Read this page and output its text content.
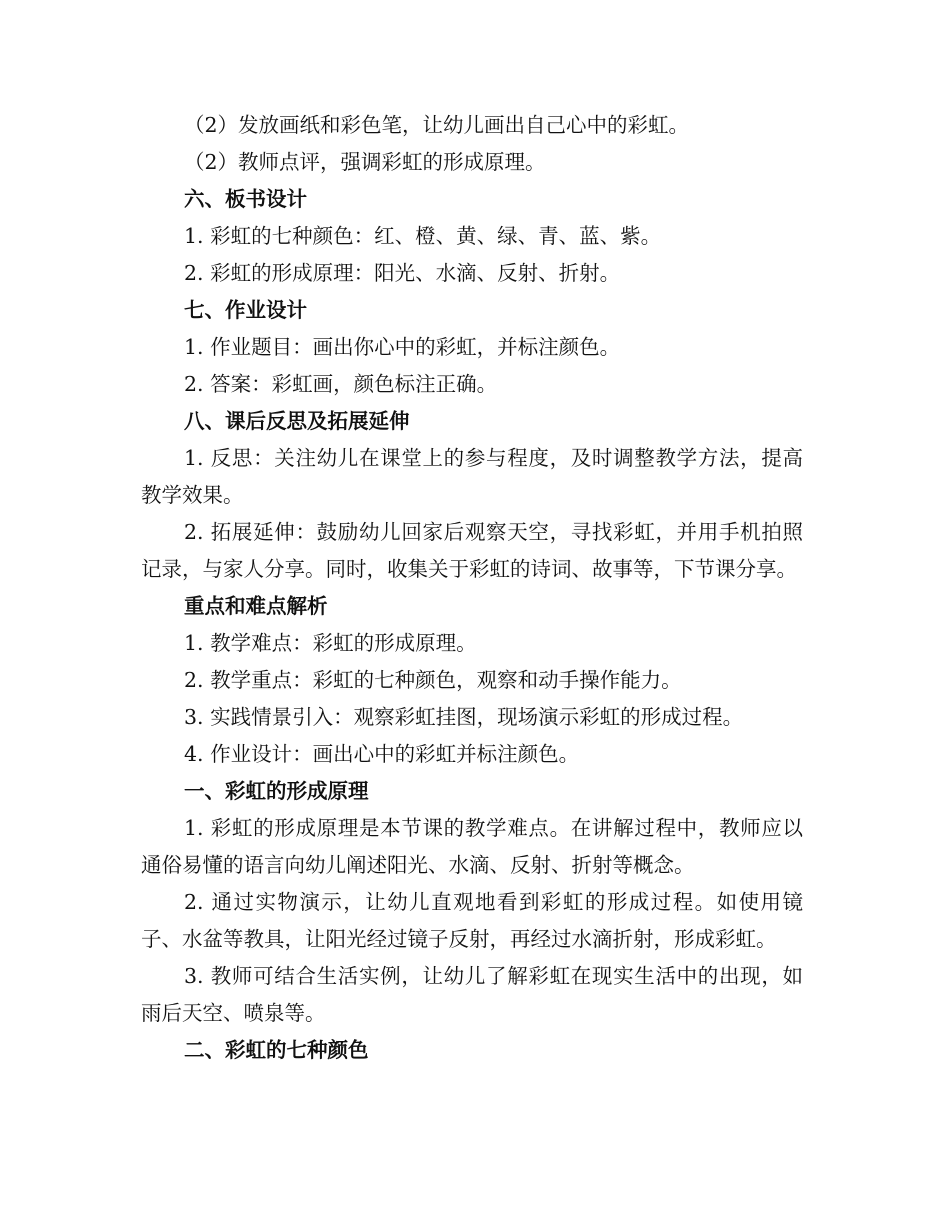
（2）发放画纸和彩色笔，让幼儿画出自己心中的彩虹。
（2）教师点评，强调彩虹的形成原理。
六、板书设计
1. 彩虹的七种颜色：红、橙、黄、绿、青、蓝、紫。
2. 彩虹的形成原理：阳光、水滴、反射、折射。
七、作业设计
1. 作业题目：画出你心中的彩虹，并标注颜色。
2. 答案：彩虹画，颜色标注正确。
八、课后反思及拓展延伸
1. 反思：关注幼儿在课堂上的参与程度，及时调整教学方法，提高教学效果。
2. 拓展延伸：鼓励幼儿回家后观察天空，寻找彩虹，并用手机拍照记录，与家人分享。同时，收集关于彩虹的诗词、故事等，下节课分享。
重点和难点解析
1. 教学难点：彩虹的形成原理。
2. 教学重点：彩虹的七种颜色，观察和动手操作能力。
3. 实践情景引入：观察彩虹挂图，现场演示彩虹的形成过程。
4. 作业设计：画出心中的彩虹并标注颜色。
一、彩虹的形成原理
1. 彩虹的形成原理是本节课的教学难点。在讲解过程中，教师应以通俗易懂的语言向幼儿阐述阳光、水滴、反射、折射等概念。
2. 通过实物演示，让幼儿直观地看到彩虹的形成过程。如使用镜子、水盆等教具，让阳光经过镜子反射，再经过水滴折射，形成彩虹。
3. 教师可结合生活实例，让幼儿了解彩虹在现实生活中的出现，如雨后天空、喷泉等。
二、彩虹的七种颜色
